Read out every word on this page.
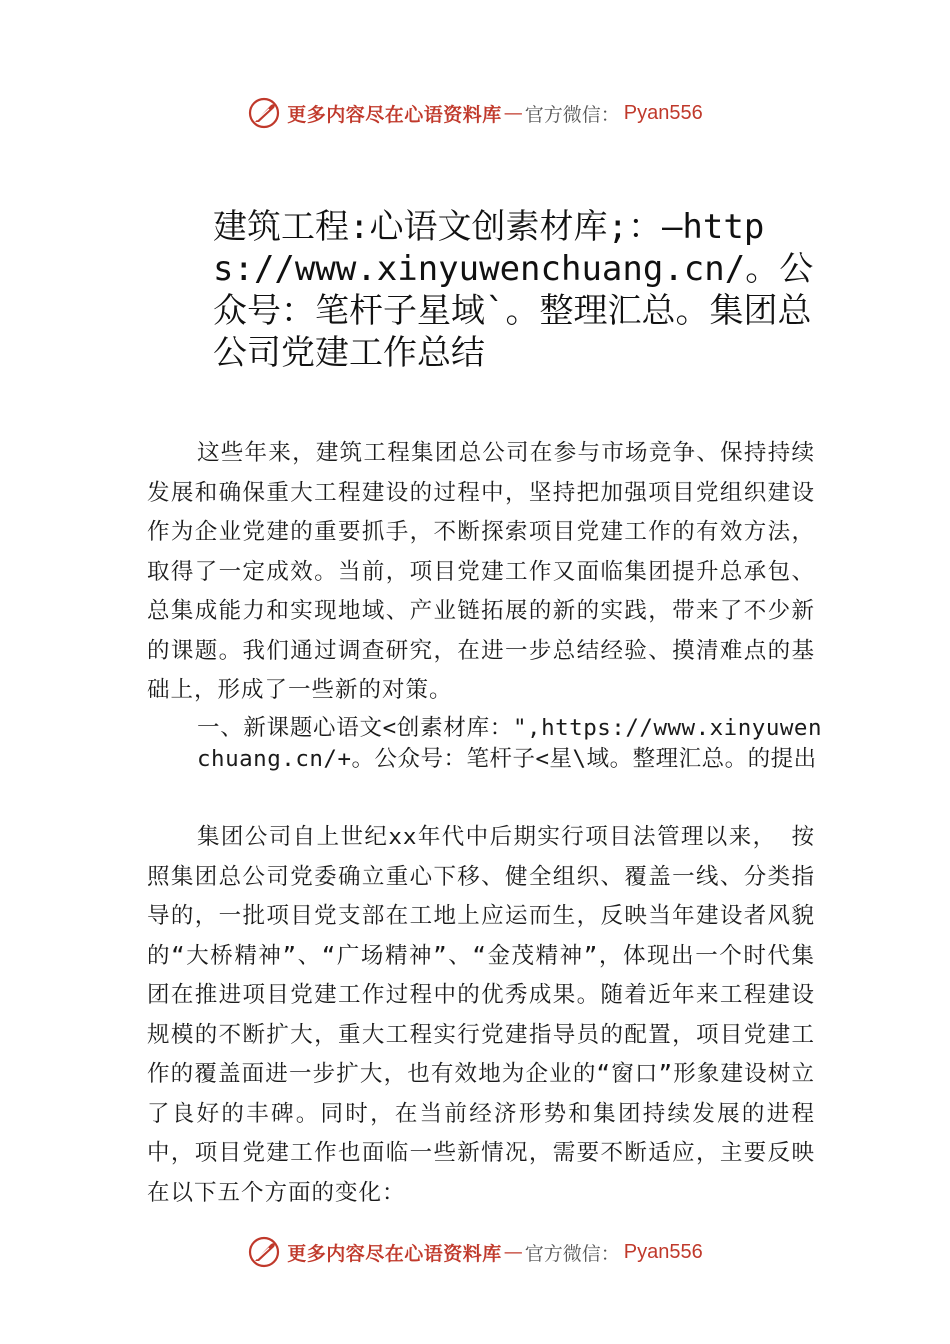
更多内容尽在心语资料库 — 官方微信： Pyan556
建筑工程:心语文创素材库;：—https://www.xinyuwenchuang.cn/。公众号：笔杆子星域`。整理汇总。集团总公司党建工作总结
这些年来，建筑工程集团总公司在参与市场竞争、保持持续发展和确保重大工程建设的过程中，坚持把加强项目党组织建设作为企业党建的重要抓手，不断探索项目党建工作的有效方法，取得了一定成效。当前，项目党建工作又面临集团提升总承包、总集成能力和实现地域、产业链拓展的新的实践，带来了不少新的课题。我们通过调查研究，在进一步总结经验、摸清难点的基础上，形成了一些新的对策。
一、新课题心语文<创素材库：",https://www.xinyuwenchuang.cn/+。公众号：笔杆子<星\域。整理汇总。的提出
集团公司自上世纪xx年代中后期实行项目法管理以来， 按照集团总公司党委确立重心下移、健全组织、覆盖一线、分类指导的，一批项目党支部在工地上应运而生，反映当年建设者风貌的“大桥精神”、“广场精神”、“金茂精神”，体现出一个时代集团在推进项目党建工作过程中的优秀成果。随着近年来工程建设规模的不断扩大，重大工程实行党建指导员的配置，项目党建工作的覆盖面进一步扩大，也有效地为企业的“窗口”形象建设树立了良好的丰碑。同时，在当前经济形势和集团持续发展的进程中，项目党建工作也面临一些新情况，需要不断适应，主要反映在以下五个方面的变化：
更多内容尽在心语资料库 — 官方微信： Pyan556
